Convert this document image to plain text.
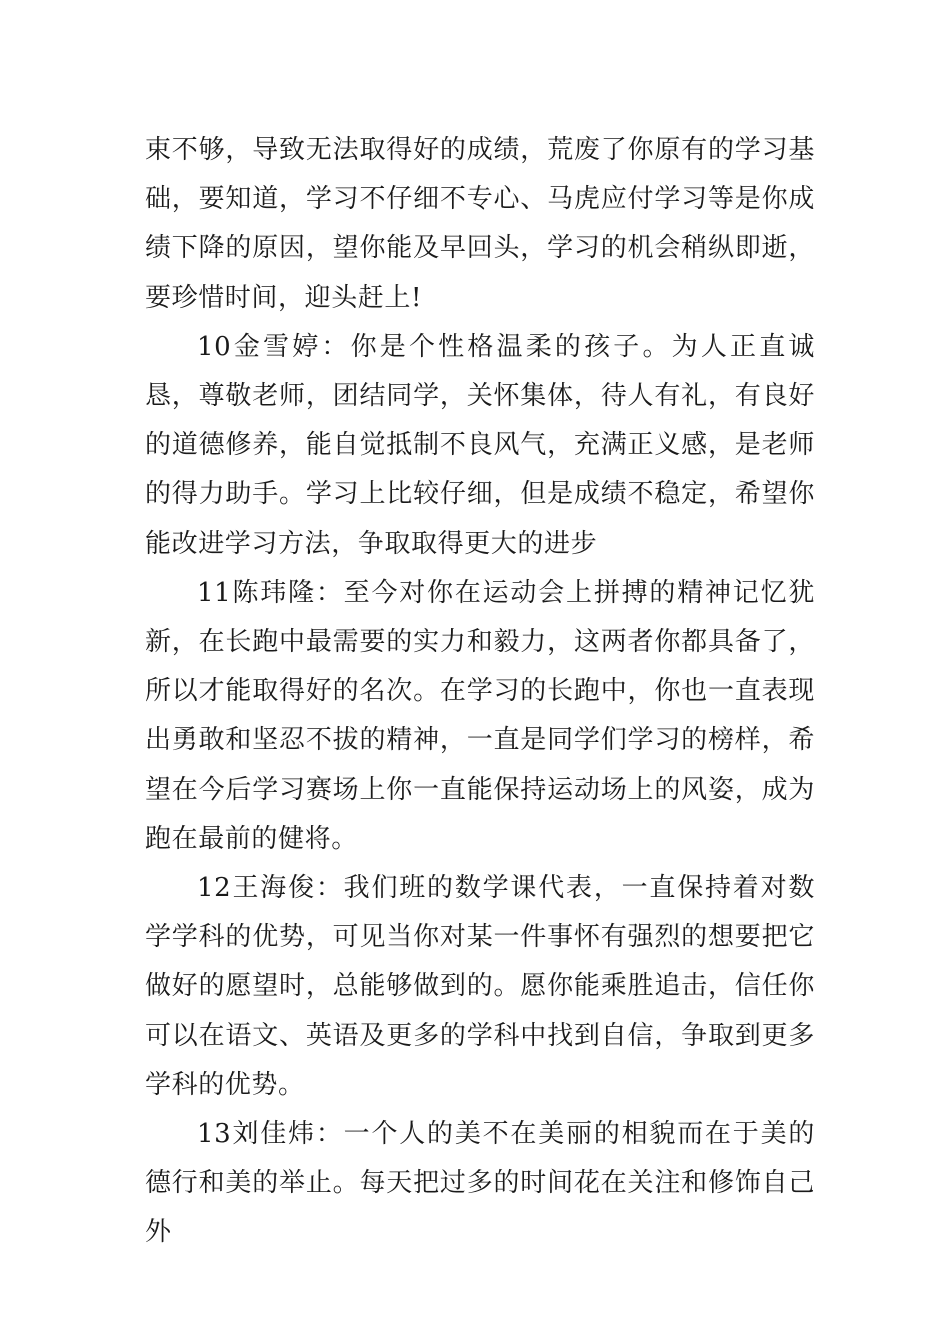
束不够，导致无法取得好的成绩，荒废了你原有的学习基础，要知道，学习不仔细不专心、马虎应付学习等是你成绩下降的原因，望你能及早回头，学习的机会稍纵即逝，要珍惜时间，迎头赶上!

10金雪婷：你是个性格温柔的孩子。为人正直诚恳，尊敬老师，团结同学，关怀集体，待人有礼，有良好的道德修养，能自觉抵制不良风气，充满正义感，是老师的得力助手。学习上比较仔细，但是成绩不稳定，希望你能改进学习方法，争取取得更大的进步

11陈玮隆：至今对你在运动会上拼搏的精神记忆犹新，在长跑中最需要的实力和毅力，这两者你都具备了，所以才能取得好的名次。在学习的长跑中，你也一直表现出勇敢和坚忍不拔的精神，一直是同学们学习的榜样，希望在今后学习赛场上你一直能保持运动场上的风姿，成为跑在最前的健将。

12王海俊：我们班的数学课代表，一直保持着对数学学科的优势，可见当你对某一件事怀有强烈的想要把它做好的愿望时，总能够做到的。愿你能乘胜追击，信任你可以在语文、英语及更多的学科中找到自信，争取到更多学科的优势。

13刘佳炜：一个人的美不在美丽的相貌而在于美的德行和美的举止。每天把过多的时间花在关注和修饰自己外
